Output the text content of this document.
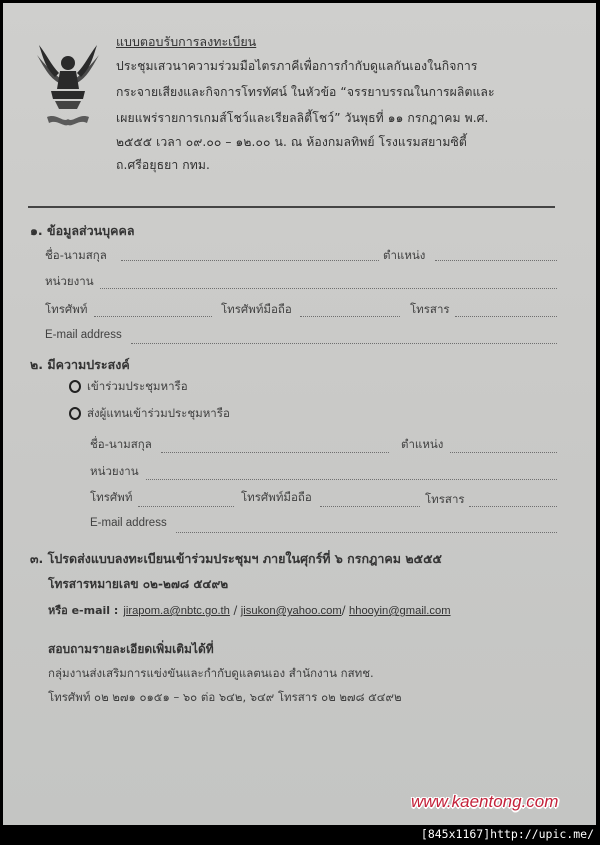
แบบตอบรับการลงทะเบียน
ประชุมเสวนาความร่วมมือไตรภาคีเพื่อการกำกับดูแลกันเองในกิจการ
กระจายเสียงและกิจการโทรทัศน์ ในหัวข้อ “จรรยาบรรณในการผลิตและ
เผยแพร่รายการเกมส์โชว์และเรียลลิตี้โชว์” วันพุธที่ ๑๑ กรกฎาคม พ.ศ.
๒๕๕๕ เวลา ๐๙.๐๐ – ๑๒.๐๐ น. ณ ห้องกมลทิพย์ โรงแรมสยามซิตี้
ถ.ศรีอยุธยา กทม.
๑. ข้อมูลส่วนบุคคล
ชื่อ-นามสกุล	ตำแหน่ง
หน่วยงาน
โทรศัพท์	โทรศัพท์มือถือ	โทรสาร
E-mail address
๒. มีความประสงค์
เข้าร่วมประชุมหารือ
ส่งผู้แทนเข้าร่วมประชุมหารือ
ชื่อ-นามสกุล	ตำแหน่ง
หน่วยงาน
โทรศัพท์	โทรศัพท์มือถือ	โทรสาร
E-mail address
๓. โปรดส่งแบบลงทะเบียนเข้าร่วมประชุมฯ ภายในศุกร์ที่ ๖ กรกฎาคม ๒๕๕๕
โทรสารหมายเลข ๐๒-๒๗๘ ๕๔๙๒
หรือ e-mail : jirapom.a@nbtc.go.th / jisukon@yahoo.com/ hhooyin@gmail.com
สอบถามรายละเอียดเพิ่มเติมได้ที่
กลุ่มงานส่งเสริมการแข่งขันและกำกับดูแลตนเอง สำนักงาน กสทช.
โทรศัพท์ ๐๒ ๒๗๑ ๐๑๕๑ – ๖๐ ต่อ ๖๔๒, ๖๔๙ โทรสาร ๐๒ ๒๗๘ ๕๔๙๒
www.kaentong.com
[845x1167]http://upic.me/
